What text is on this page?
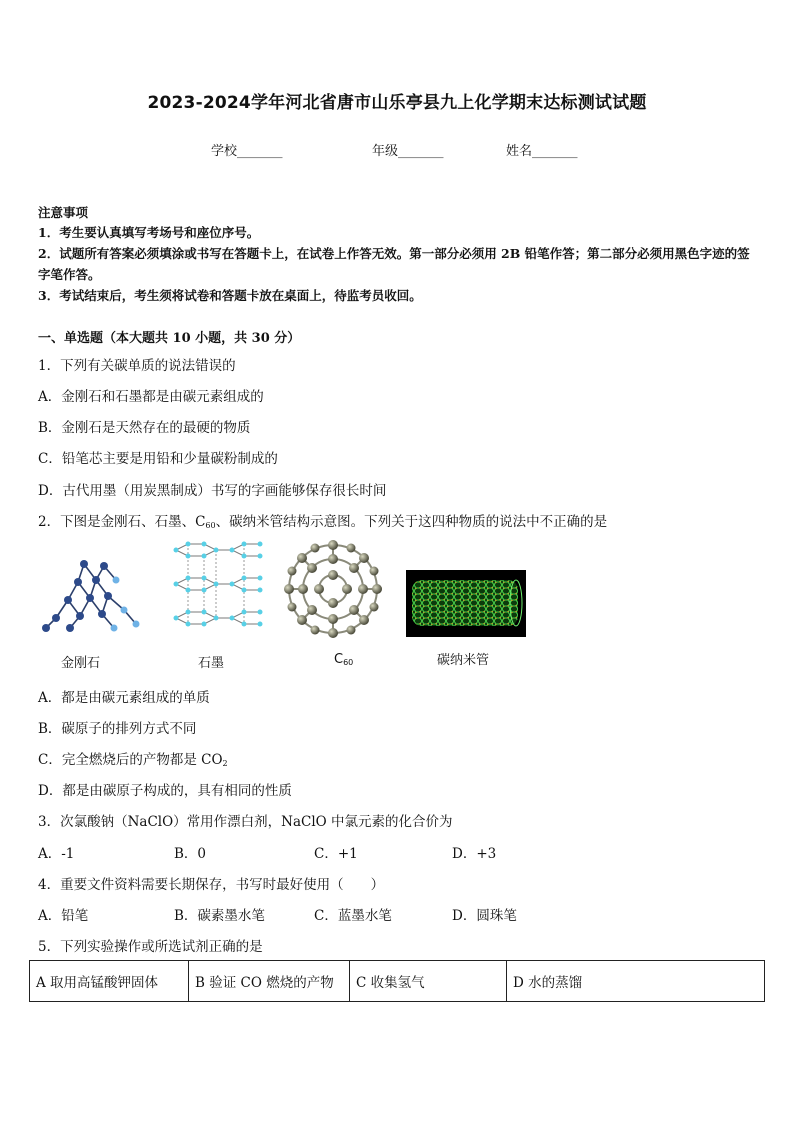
2023-2024学年河北省唐市山乐亭县九上化学期末达标测试试题
学校_______	年级_______	姓名_______
注意事项
1．考生要认真填写考场号和座位序号。
2．试题所有答案必须填涂或书写在答题卡上，在试卷上作答无效。第一部分必须用 2B 铅笔作答；第二部分必须用黑色字迹的签字笔作答。
3．考试结束后，考生须将试卷和答题卡放在桌面上，待监考员收回。
一、单选题（本大题共 10 小题，共 30 分）
1．下列有关碳单质的说法错误的
A．金刚石和石墨都是由碳元素组成的
B．金刚石是天然存在的最硬的物质
C．铅笔芯主要是用铅和少量碳粉制成的
D．古代用墨（用炭黑制成）书写的字画能够保存很长时间
2．下图是金刚石、石墨、$C_{60}$、碳纳米管结构示意图。下列关于这四种物质的说法中不正确的是
金刚石	石墨	$C_{60}$	碳纳米管
A．都是由碳元素组成的单质
B．碳原子的排列方式不同
C．完全燃烧后的产物都是 $CO_2$
D．都是由碳原子构成的，具有相同的性质
3．次氯酸钠（NaClO）常用作漂白剂，NaClO 中氯元素的化合价为
A．-1	B．0	C．+1	D．+3
4．重要文件资料需要长期保存，书写时最好使用（　　）
A．铅笔	B．碳素墨水笔	C．蓝墨水笔	D．圆珠笔
5．下列实验操作或所选试剂正确的是
A 取用高锰酸钾固体	B 验证 CO 燃烧的产物	C 收集氢气	D 水的蒸馏
